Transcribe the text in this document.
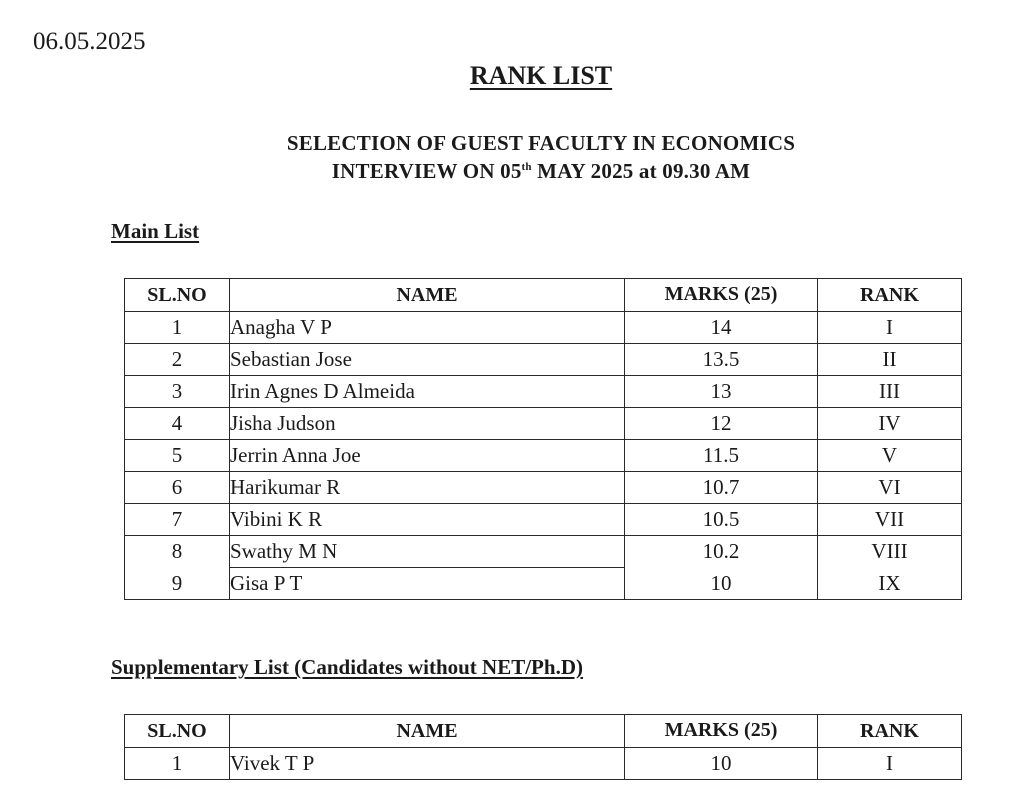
06.05.2025
RANK LIST
SELECTION OF GUEST FACULTY IN ECONOMICS
INTERVIEW ON 05th MAY 2025 at 09.30 AM
Main List
SL.NO	NAME	MARKS (25)	RANK
1	Anagha V P	14	I
2	Sebastian Jose	13.5	II
3	Irin Agnes D Almeida	13	III
4	Jisha Judson	12	IV
5	Jerrin Anna Joe	11.5	V
6	Harikumar R	10.7	VI
7	Vibini K R	10.5	VII
8	Swathy M N	10.2	VIII
9	Gisa P T	10	IX
Supplementary List (Candidates without NET/Ph.D)
SL.NO	NAME	MARKS (25)	RANK
1	Vivek T P	10	I
